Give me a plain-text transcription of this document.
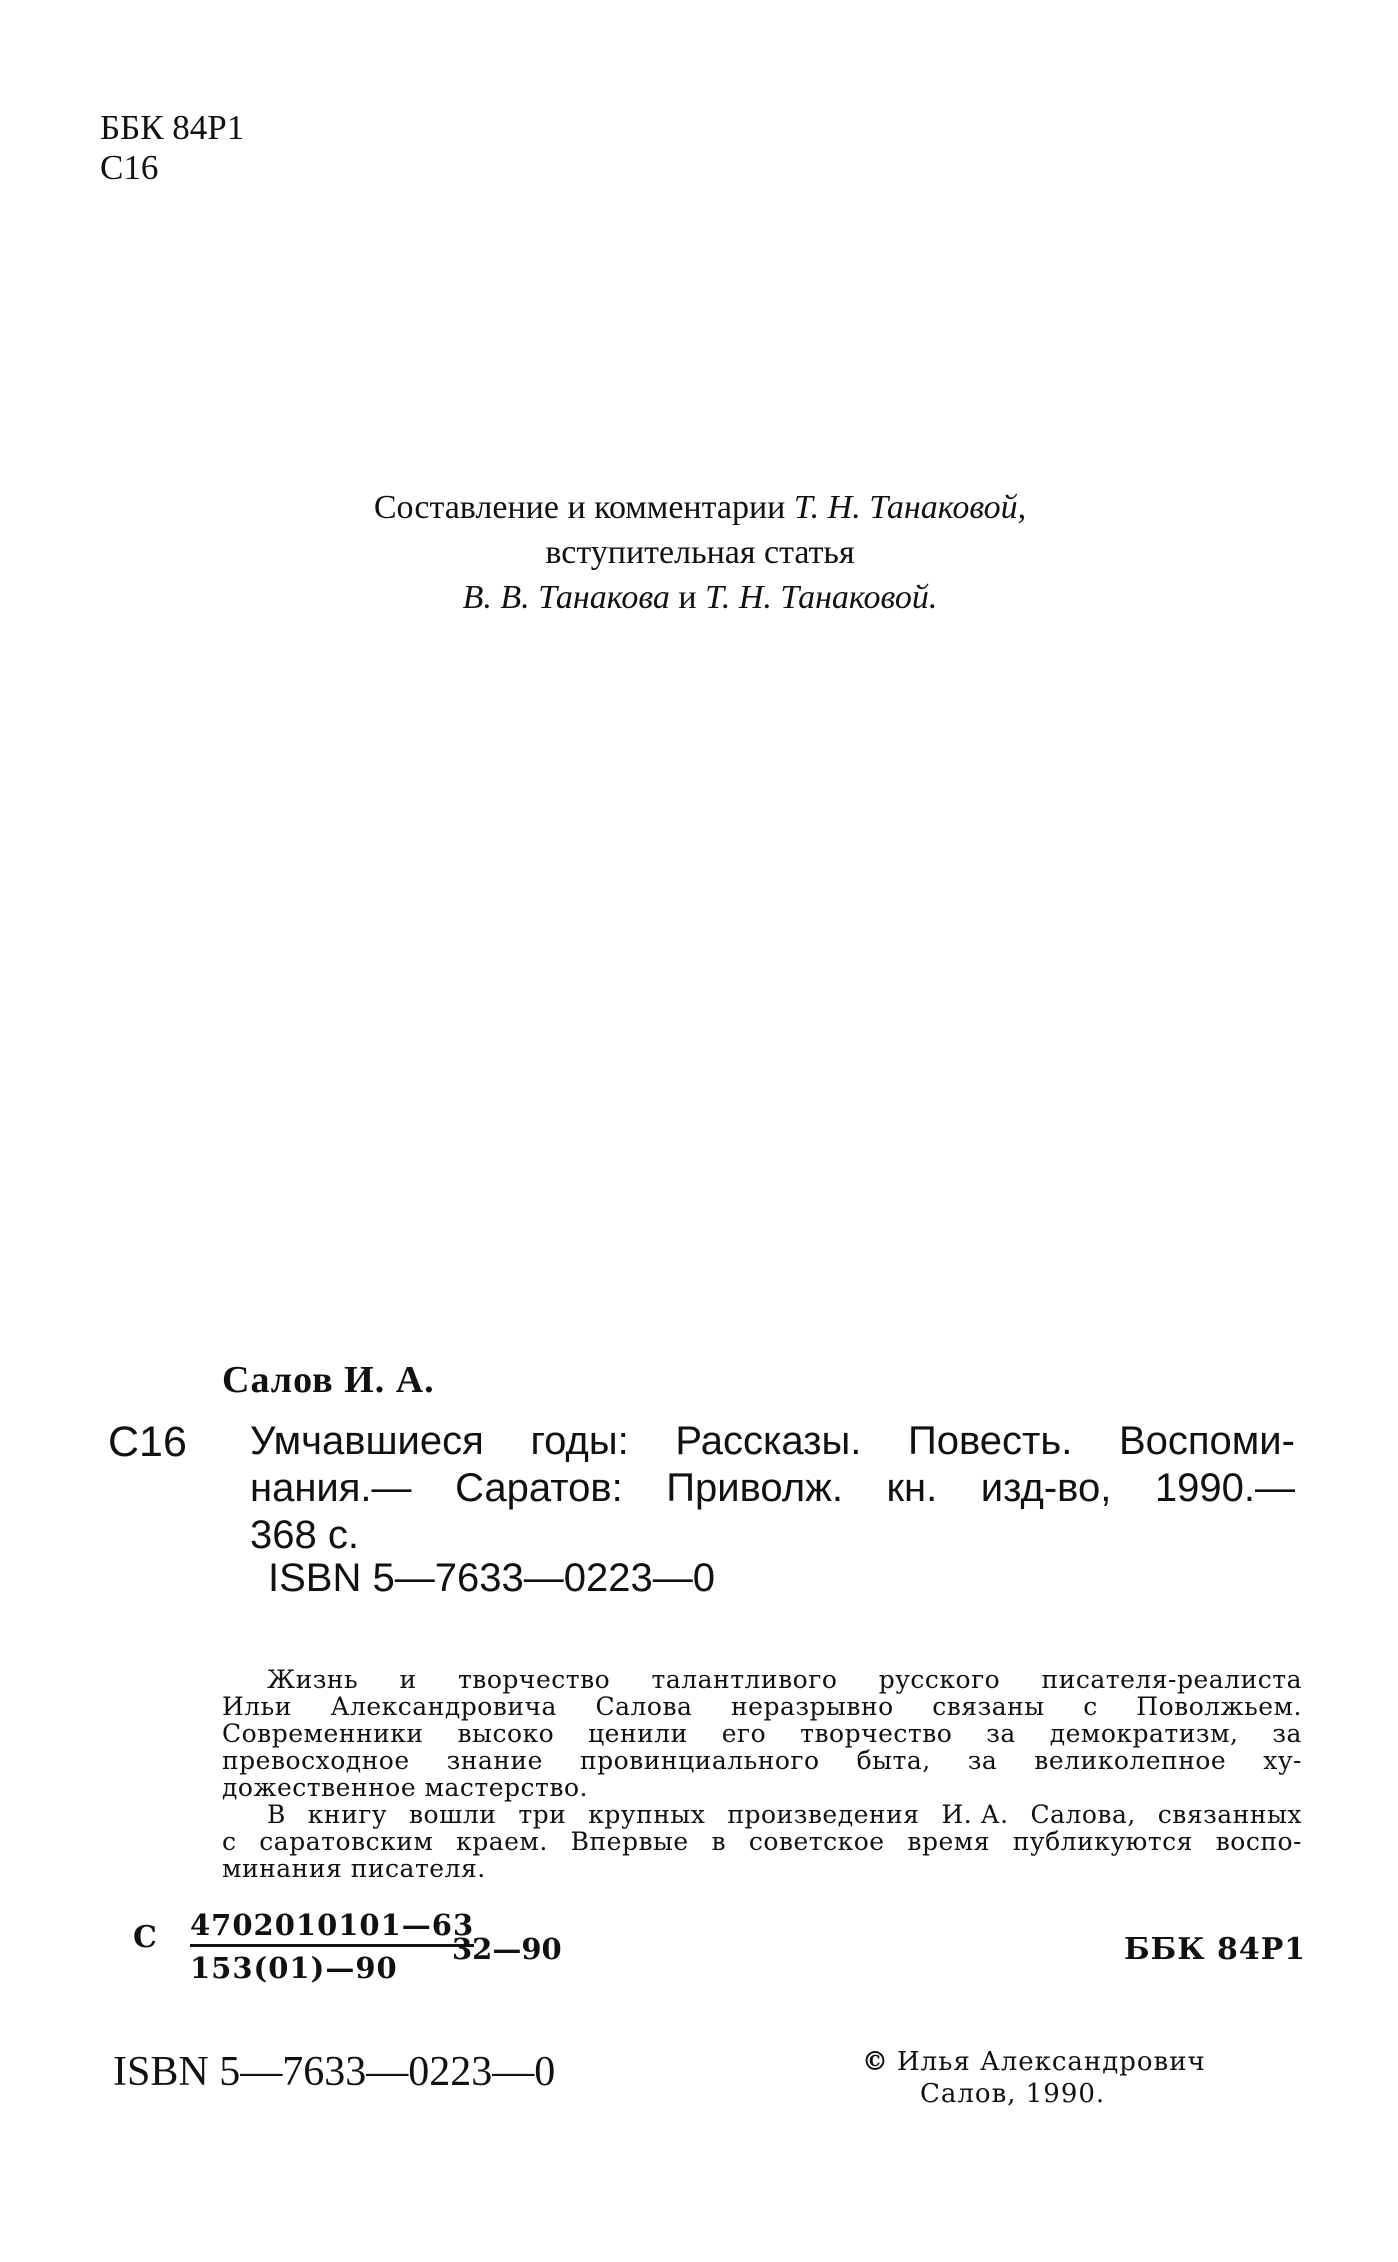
ББК 84Р1
С16
Составление и комментарии Т. Н. Танаковой,
вступительная статья
В. В. Танакова и Т. Н. Танаковой.
Салов И. А.
С16 Умчавшиеся годы: Рассказы. Повесть. Воспоми-
нания.— Саратов: Приволж. кн. изд-во, 1990.—
368 с.
ISBN 5—7633—0223—0
Жизнь и творчество талантливого русского писателя-реалиста
Ильи Александровича Салова неразрывно связаны с Поволжьем.
Современники высоко ценили его творчество за демократизм, за
превосходное знание провинциального быта, за великолепное ху-
дожественное мастерство.
В книгу вошли три крупных произведения И. А. Салова, связанных
с саратовским краем. Впервые в советское время публикуются воспо-
минания писателя.
С $\frac{4702010101—63}{153(01)—90}$
32—90	ББК 84Р1
ISBN 5—7633—0223—0	© Илья Александрович
Салов, 1990.
